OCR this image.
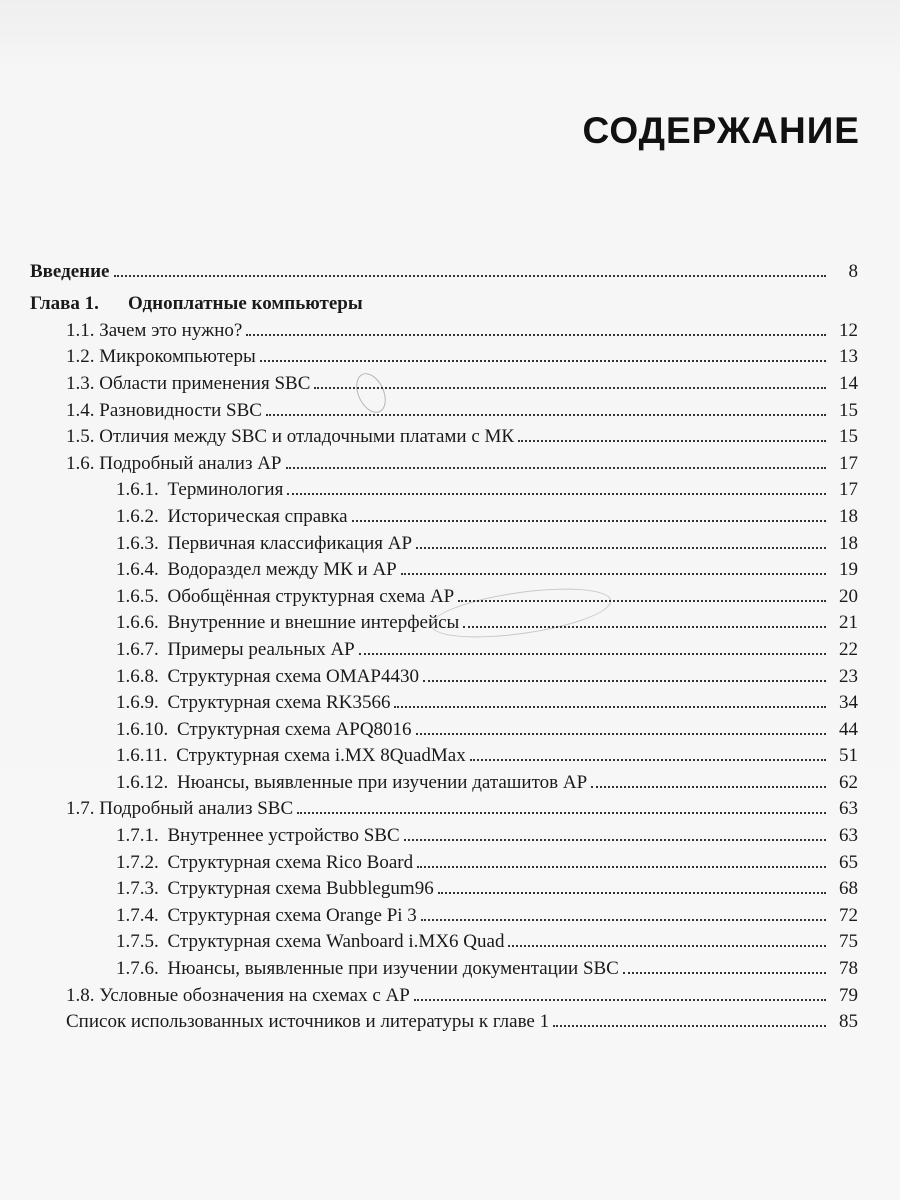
СОДЕРЖАНИЕ
Введение	8
Глава 1. Одноплатные компьютеры
1.1. Зачем это нужно?	12
1.2. Микрокомпьютеры	13
1.3. Области применения SBC	14
1.4. Разновидности SBC	15
1.5. Отличия между SBC и отладочными платами с МК	15
1.6. Подробный анализ АР	17
1.6.1. Терминология	17
1.6.2. Историческая справка	18
1.6.3. Первичная классификация АР	18
1.6.4. Водораздел между МК и АР	19
1.6.5. Обобщённая структурная схема АР	20
1.6.6. Внутренние и внешние интерфейсы	21
1.6.7. Примеры реальных АР	22
1.6.8. Структурная схема OMAP4430	23
1.6.9. Структурная схема RK3566	34
1.6.10. Структурная схема APQ8016	44
1.6.11. Структурная схема i.MX 8QuadMax	51
1.6.12. Нюансы, выявленные при изучении даташитов АР	62
1.7. Подробный анализ SBC	63
1.7.1. Внутреннее устройство SBC	63
1.7.2. Структурная схема Rico Board	65
1.7.3. Структурная схема Bubblegum96	68
1.7.4. Структурная схема Orange Pi 3	72
1.7.5. Структурная схема Wanboard i.MX6 Quad	75
1.7.6. Нюансы, выявленные при изучении документации SBC	78
1.8. Условные обозначения на схемах с АР	79
Список использованных источников и литературы к главе 1	85
